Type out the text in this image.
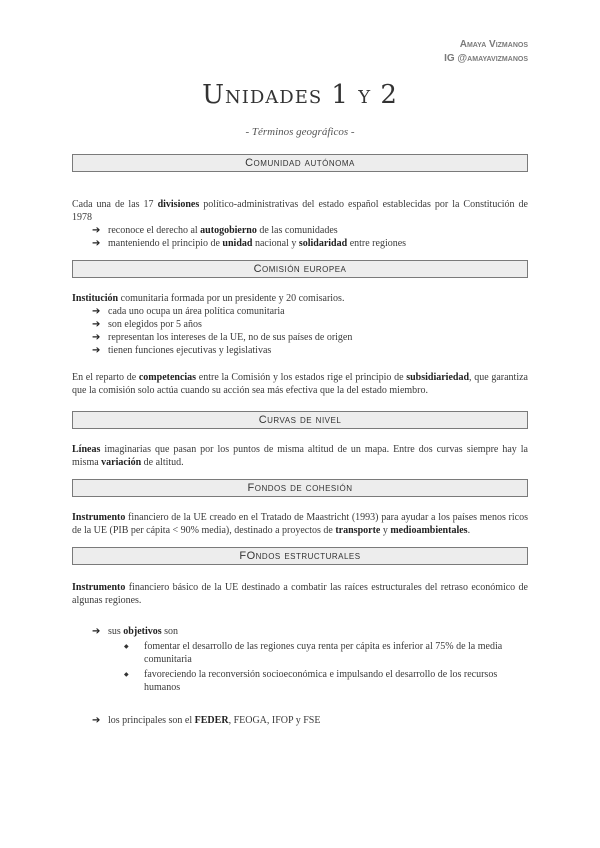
Amaya Vizmanos
IG @amayavizmanos
Unidades 1 y 2
- Términos geográficos -
Comunidad autónoma

Cada una de las 17 divisiones político-administrativas del estado español establecidas por la Constitución de 1978

➔ reconoce el derecho al autogobierno de las comunidades
➔ manteniendo el principio de unidad nacional y solidaridad entre regiones
Comisión europea

Institución comunitaria formada por un presidente y 20 comisarios.

➔ cada uno ocupa un área política comunitaria
➔ son elegidos por 5 años
➔ representan los intereses de la UE, no de sus países de origen
➔ tienen funciones ejecutivas y legislativas

En el reparto de competencias entre la Comisión y los estados rige el principio de subsidiariedad, que garantiza que la comisión solo actúa cuando su acción sea más efectiva que la del estado miembro.

Curvas de nivel

Líneas imaginarias que pasan por los puntos de misma altitud de un mapa. Entre dos curvas siempre hay la misma variación de altitud.

Fondos de cohesión

Instrumento financiero de la UE creado en el Tratado de Maastricht (1993) para ayudar a los países menos ricos de la UE (PIB per cápita < 90% media), destinado a proyectos de transporte y medioambientales.

FOndos estructurales

Instrumento financiero básico de la UE destinado a combatir las raíces estructurales del retraso económico de algunas regiones.

➔ sus objetivos son
◆ fomentar el desarrollo de las regiones cuya renta per cápita es inferior al 75% de la media comunitaria
◆ favoreciendo la reconversión socioeconómica e impulsando el desarrollo de los recursos humanos
➔ los principales son el FEDER, FEOGA, IFOP y FSE
